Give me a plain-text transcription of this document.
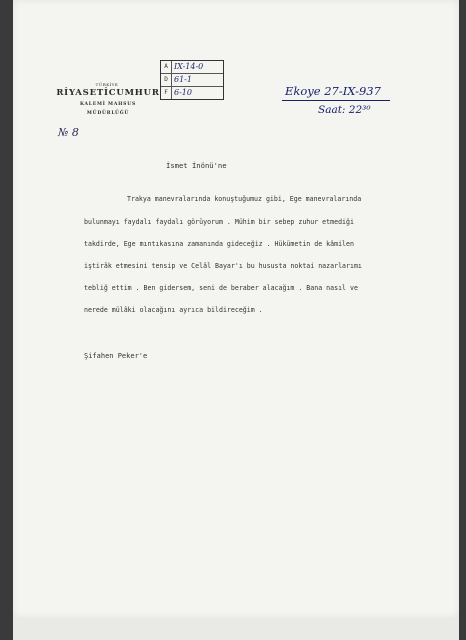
TÜRKİYE
RİYASETİCUMHUR
KALEMİ MAHSUS
MÜDÜRLÜĞÜ
№ 8
A IX-14-0
D 61-1
F 6-10	Ekoye 27-IX-937
Saat: 22³⁰
İsmet İnönü'ne
Trakya manevralarında konuştuğumuz gibi, Ege manevralarında
bulunmayı faydalı faydalı görüyorum . Mühim bir sebep zuhur etmediği
takdirde, Ege mıntıkasına zamanında gideceğiz . Hükümetin de kâmilen
iştirâk etmesini tensip ve Celâl Bayar'ı bu hususta noktai nazarlarımı
tebliğ ettim . Ben gidersem, seni de beraber alacağım . Bana nasıl ve
nerede mülâki olacağını ayrıca bildireceğim .
Şifahen Peker'e
